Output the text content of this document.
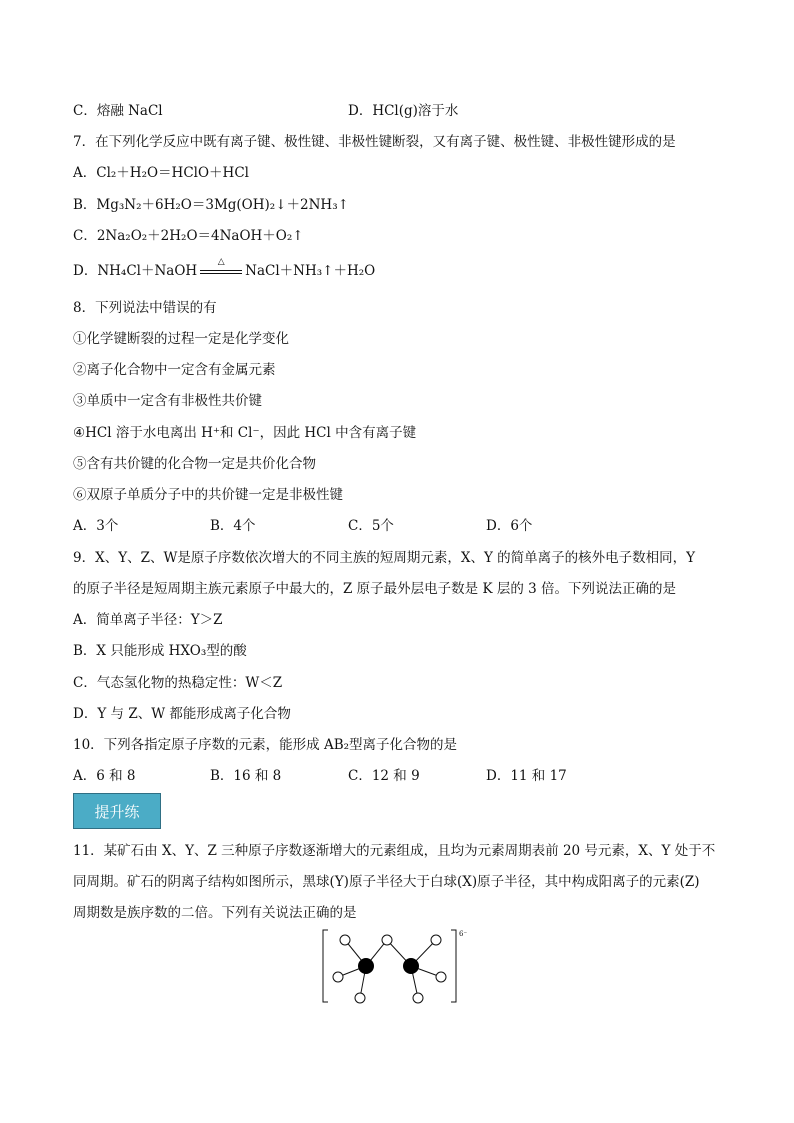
C．熔融 NaCl	D．HCl(g)溶于水
7．在下列化学反应中既有离子键、极性键、非极性键断裂，又有离子键、极性键、非极性键形成的是
A．Cl₂＋H₂O＝HClO＋HCl
B．Mg₃N₂＋6H₂O＝3Mg(OH)₂↓＋2NH₃↑
C．2Na₂O₂＋2H₂O＝4NaOH＋O₂↑
D．NH₄Cl＋NaOH
△
NaCl＋NH₃↑＋H₂O
8．下列说法中错误的有
①化学键断裂的过程一定是化学变化
②离子化合物中一定含有金属元素
③单质中一定含有非极性共价键
④HCl 溶于水电离出 H⁺和 Cl⁻，因此 HCl 中含有离子键
⑤含有共价键的化合物一定是共价化合物
⑥双原子单质分子中的共价键一定是非极性键
A．3个	B．4个	C．5个	D．6个
9．X、Y、Z、W是原子序数依次增大的不同主族的短周期元素，X、Y 的简单离子的核外电子数相同，Y
的原子半径是短周期主族元素原子中最大的，Z 原子最外层电子数是 K 层的 3 倍。下列说法正确的是
A．简单离子半径：Y＞Z
B．X 只能形成 HXO₃型的酸
C．气态氢化物的热稳定性：W＜Z
D．Y 与 Z、W 都能形成离子化合物
10．下列各指定原子序数的元素，能形成 AB₂型离子化合物的是
A．6 和 8	B．16 和 8	C．12 和 9	D．11 和 17
提升练
11．某矿石由 X、Y、Z 三种原子序数逐渐增大的元素组成，且均为元素周期表前 20 号元素，X、Y 处于不
同周期。矿石的阴离子结构如图所示，黑球(Y)原子半径大于白球(X)原子半径，其中构成阳离子的元素(Z)
周期数是族序数的二倍。下列有关说法正确的是
6⁻
